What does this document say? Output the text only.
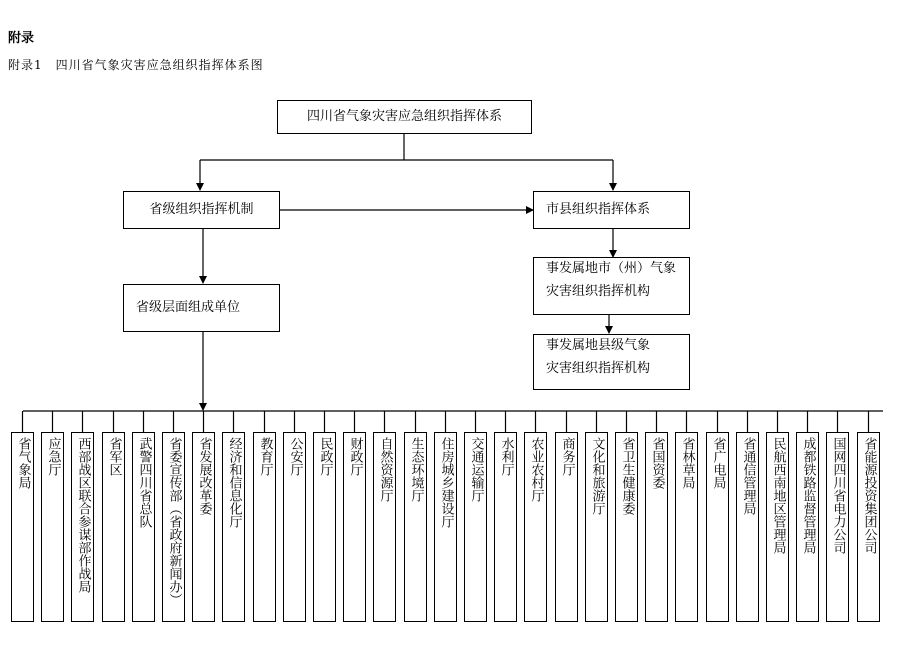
附录
附录1　四川省气象灾害应急组织指挥体系图
四川省气象灾害应急组织指挥体系
省级组织指挥机制	市县组织指挥体系
省级层面组成单位
事发属地市（州）气象
灾害组织指挥机构
事发属地县级气象
灾害组织指挥机构
省气象局	应急厅	西部战区联合参谋部作战局	省军区	武警四川省总队	省委宣传部（省政府新闻办）	省发展改革委	经济和信息化厅	教育厅	公安厅	民政厅	财政厅	自然资源厅	生态环境厅	住房城乡建设厅	交通运输厅	水利厅	农业农村厅	商务厅	文化和旅游厅	省卫生健康委	省国资委	省林草局	省广电局	省通信管理局	民航西南地区管理局	成都铁路监督管理局	国网四川省电力公司	省能源投资集团公司
